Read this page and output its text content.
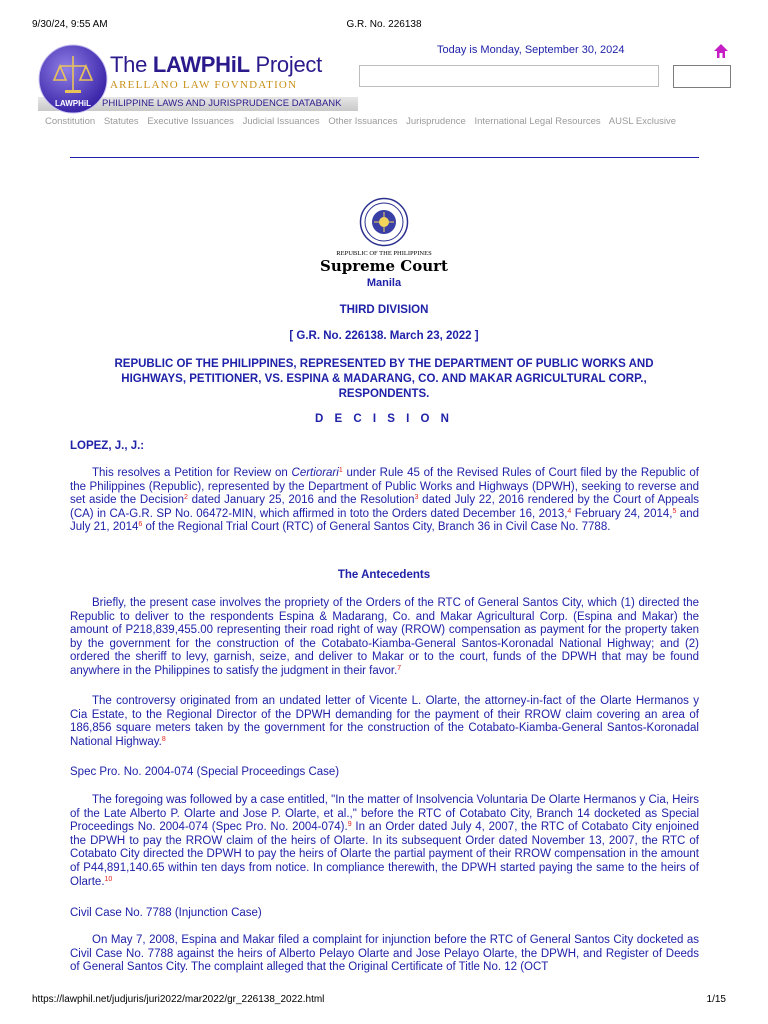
9/30/24, 9:55 AM	G.R. No. 226138
LAWPHiL
The LAWPHiL Project
ARELLANO LAW FOVNDATION
PHILIPPINE LAWS AND JURISPRUDENCE DATABANK
Today is Monday, September 30, 2024
Constitution Statutes Executive Issuances Judicial Issuances Other Issuances Jurisprudence International Legal Resources AUSL Exclusive
REPUBLIC OF THE PHILIPPINES
Supreme Court
Manila
THIRD DIVISION
[ G.R. No. 226138. March 23, 2022 ]
REPUBLIC OF THE PHILIPPINES, REPRESENTED BY THE DEPARTMENT OF PUBLIC WORKS AND HIGHWAYS, PETITIONER, VS. ESPINA & MADARANG, CO. AND MAKAR AGRICULTURAL CORP., RESPONDENTS.
D E C I S I O N
LOPEZ, J., J.:

This resolves a Petition for Review on Certiorari$^1$ under Rule 45 of the Revised Rules of Court filed by the Republic of the Philippines (Republic), represented by the Department of Public Works and Highways (DPWH), seeking to reverse and set aside the Decision$^2$ dated January 25, 2016 and the Resolution$^3$ dated July 22, 2016 rendered by the Court of Appeals (CA) in CA-G.R. SP No. 06472-MIN, which affirmed in toto the Orders dated December 16, 2013,$^4$ February 24, 2014,$^5$ and July 21, 2014$^6$ of the Regional Trial Court (RTC) of General Santos City, Branch 36 in Civil Case No. 7788.

The Antecedents

Briefly, the present case involves the propriety of the Orders of the RTC of General Santos City, which (1) directed the Republic to deliver to the respondents Espina & Madarang, Co. and Makar Agricultural Corp. (Espina and Makar) the amount of P218,839,455.00 representing their road right of way (RROW) compensation as payment for the property taken by the government for the construction of the Cotabato-Kiamba-General Santos-Koronadal National Highway; and (2) ordered the sheriff to levy, garnish, seize, and deliver to Makar or to the court, funds of the DPWH that may be found anywhere in the Philippines to satisfy the judgment in their favor.$^7$

The controversy originated from an undated letter of Vicente L. Olarte, the attorney-in-fact of the Olarte Hermanos y Cia Estate, to the Regional Director of the DPWH demanding for the payment of their RROW claim covering an area of 186,856 square meters taken by the government for the construction of the Cotabato-Kiamba-General Santos-Koronadal National Highway.$^8$

Spec Pro. No. 2004-074 (Special Proceedings Case)

The foregoing was followed by a case entitled, "In the matter of Insolvencia Voluntaria De Olarte Hermanos y Cia, Heirs of the Late Alberto P. Olarte and Jose P. Olarte, et al.," before the RTC of Cotabato City, Branch 14 docketed as Special Proceedings No. 2004-074 (Spec Pro. No. 2004-074).$^9$ In an Order dated July 4, 2007, the RTC of Cotabato City enjoined the DPWH to pay the RROW claim of the heirs of Olarte. In its subsequent Order dated November 13, 2007, the RTC of Cotabato City directed the DPWH to pay the heirs of Olarte the partial payment of their RROW compensation in the amount of P44,891,140.65 within ten days from notice. In compliance therewith, the DPWH started paying the same to the heirs of Olarte.$^{10}$

Civil Case No. 7788 (Injunction Case)

On May 7, 2008, Espina and Makar filed a complaint for injunction before the RTC of General Santos City docketed as Civil Case No. 7788 against the heirs of Alberto Pelayo Olarte and Jose Pelayo Olarte, the DPWH, and Register of Deeds of General Santos City. The complaint alleged that the Original Certificate of Title No. 12 (OCT

https://lawphil.net/judjuris/juri2022/mar2022/gr_226138_2022.html	1/15
